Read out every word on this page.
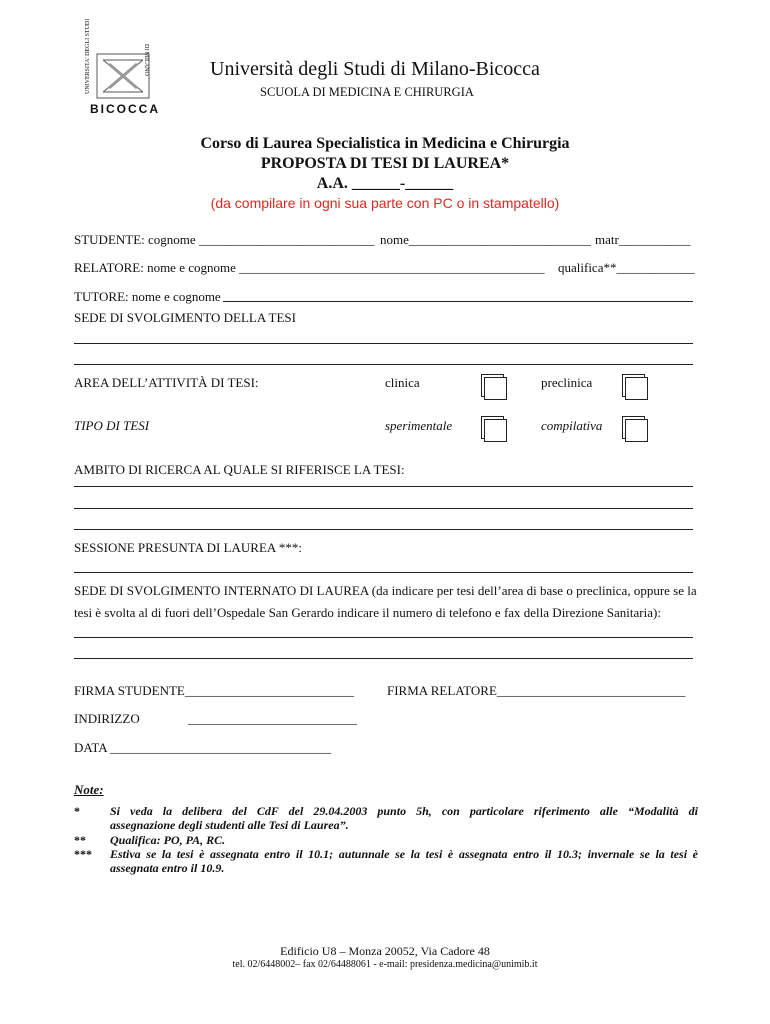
UNIVERSITA' DEGLI STUDI	DI MILANO
BICOCCA
Università degli Studi di Milano-Bicocca
SCUOLA DI MEDICINA E CHIRURGIA
Corso di Laurea Specialistica in Medicina e Chirurgia
PROPOSTA DI TESI DI LAUREA*
A.A. ______-______
(da compilare in ogni sua parte con PC o in stampatello)
STUDENTE: cognome ___________________________ nome____________________________ matr___________
RELATORE: nome e cognome _______________________________________________ qualifica**____________
TUTORE: nome e cognome
SEDE DI SVOLGIMENTO DELLA TESI
AREA DELL’ATTIVITÀ DI TESI:	clinica	preclinica
TIPO DI TESI	sperimentale	compilativa
AMBITO DI RICERCA AL QUALE SI RIFERISCE LA TESI:
SESSIONE PRESUNTA DI LAUREA ***:
SEDE DI SVOLGIMENTO INTERNATO DI LAUREA (da indicare per tesi dell’area di base o preclinica, oppure se la
tesi è svolta al di fuori dell’Ospedale San Gerardo indicare il numero di telefono e fax della Direzione Sanitaria):
FIRMA STUDENTE__________________________	FIRMA RELATORE_____________________________
INDIRIZZO	__________________________
DATA __________________________________
Note:
*	Si veda la delibera del CdF del 29.04.2003 punto 5h, con particolare riferimento alle “Modalità di
assegnazione degli studenti alle Tesi di Laurea”.
** Qualifica: PO, PA, RC.
*** Estiva se la tesi è assegnata entro il 10.1; autunnale se la tesi è assegnata entro il 10.3; invernale se la tesi è
assegnata entro il 10.9.
Edificio U8 – Monza 20052, Via Cadore 48
tel. 02/6448002– fax 02/64488061 - e-mail: presidenza.medicina@unimib.it
